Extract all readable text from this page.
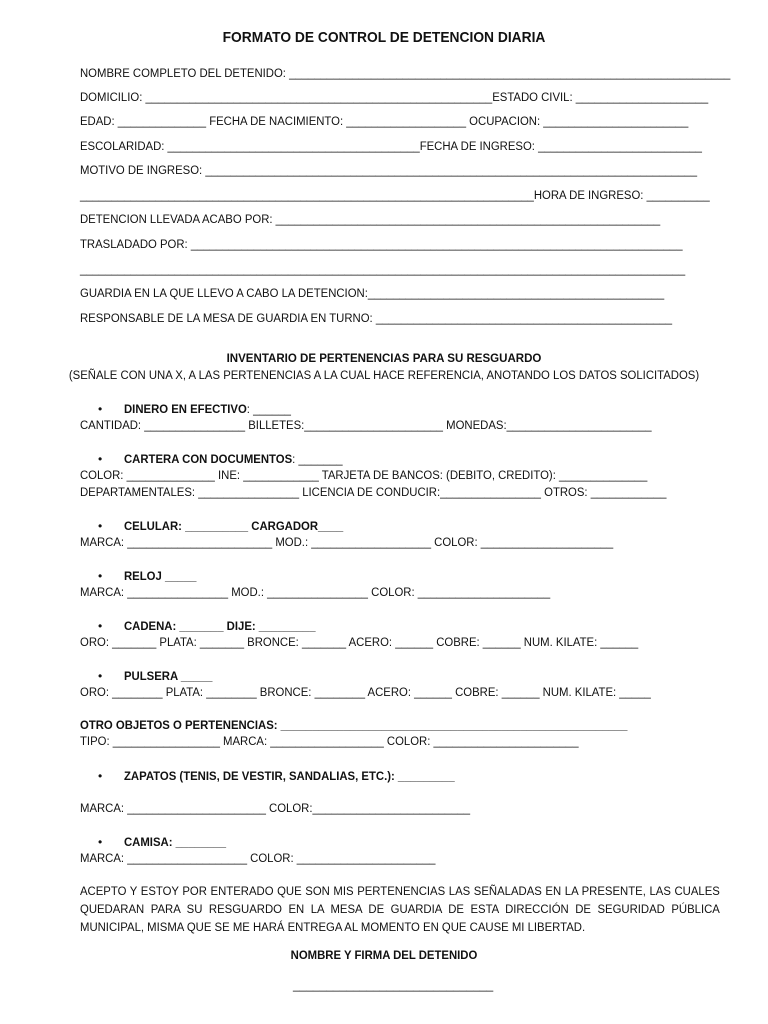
FORMATO DE CONTROL DE DETENCION DIARIA
NOMBRE COMPLETO DEL DETENIDO: ______________________________________________________________________
DOMICILIO: _______________________________________________________ESTADO CIVIL: _____________________
EDAD: ______________ FECHA DE NACIMIENTO: ___________________ OCUPACION: _______________________
ESCOLARIDAD: ________________________________________FECHA DE INGRESO: __________________________
MOTIVO DE INGRESO: ______________________________________________________________________________
________________________________________________________________________HORA DE INGRESO: __________
DETENCION LLEVADA ACABO POR: _____________________________________________________________
TRASLADADO POR: ______________________________________________________________________________
________________________________________________________________________________________________
GUARDIA EN LA QUE LLEVO A CABO LA DETENCION:_______________________________________________
RESPONSABLE DE LA MESA DE GUARDIA EN TURNO: _______________________________________________
INVENTARIO DE PERTENENCIAS PARA SU RESGUARDO
(SEÑALE CON UNA X, A LAS PERTENENCIAS A LA CUAL HACE REFERENCIA, ANOTANDO LOS DATOS SOLICITADOS)
• DINERO EN EFECTIVO: ______
CANTIDAD: ________________ BILLETES:______________________ MONEDAS:_______________________
• CARTERA CON DOCUMENTOS: _______
COLOR: ______________ INE: ____________ TARJETA DE BANCOS: (DEBITO, CREDITO): ______________
DEPARTAMENTALES: ________________ LICENCIA DE CONDUCIR:________________ OTROS: ____________
• CELULAR: __________ CARGADOR____
MARCA: _______________________ MOD.: ___________________ COLOR: _____________________
• RELOJ _____
MARCA: ________________ MOD.: ________________ COLOR: _____________________
• CADENA: _______ DIJE: _________
ORO: _______ PLATA: _______ BRONCE: _______ ACERO: ______ COBRE: ______ NUM. KILATE: ______
• PULSERA _____
ORO: ________ PLATA: ________ BRONCE: ________ ACERO: ______ COBRE: ______ NUM. KILATE: _____
OTRO OBJETOS O PERTENENCIAS: _______________________________________________________
TIPO: _________________ MARCA: __________________ COLOR: _______________________
• ZAPATOS (TENIS, DE VESTIR, SANDALIAS, ETC.): _________
MARCA: ______________________ COLOR:_________________________
• CAMISA: ________
MARCA: ___________________ COLOR: ______________________
ACEPTO Y ESTOY POR ENTERADO QUE SON MIS PERTENENCIAS LAS SEÑALADAS EN LA PRESENTE, LAS CUALES QUEDARAN PARA SU RESGUARDO EN LA MESA DE GUARDIA DE ESTA DIRECCIÓN DE SEGURIDAD PÚBLICA MUNICIPAL, MISMA QUE SE ME HARÁ ENTREGA AL MOMENTO EN QUE CAUSE MI LIBERTAD.
NOMBRE Y FIRMA DEL DETENIDO
______________________________
